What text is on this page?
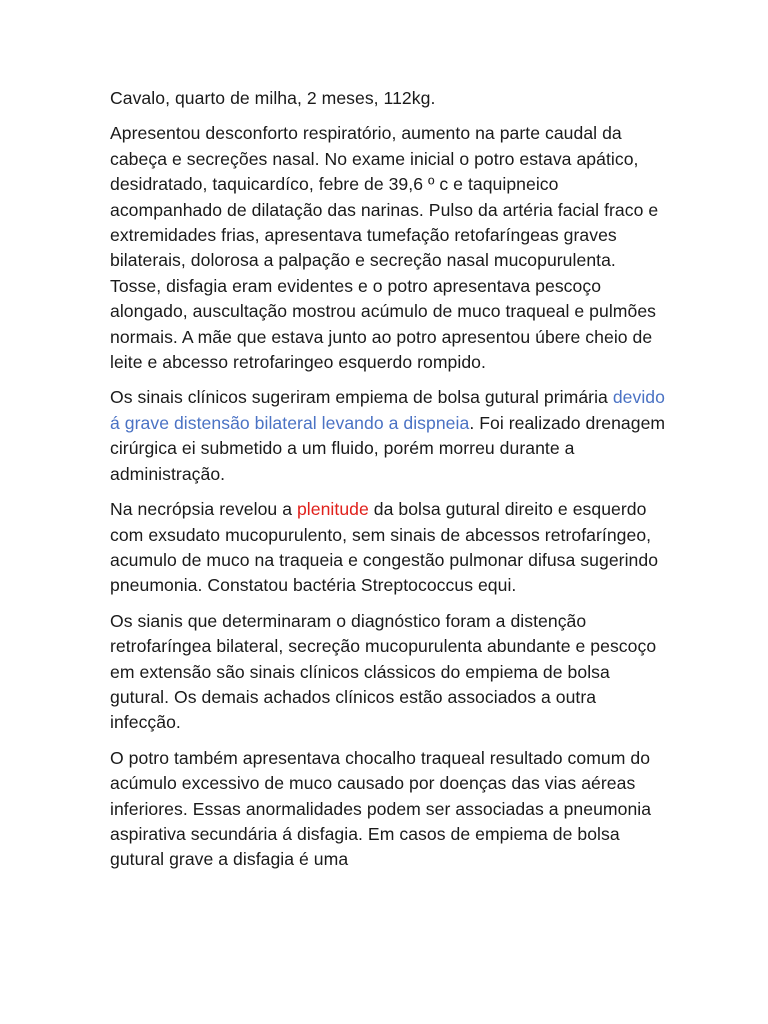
Cavalo, quarto de milha, 2 meses, 112kg.

Apresentou desconforto respiratório, aumento na parte caudal da cabeça e secreções nasal. No exame inicial o potro estava apático, desidratado, taquicardíco, febre de 39,6 º c e taquipneico acompanhado de dilatação das narinas. Pulso da artéria facial fraco e extremidades frias, apresentava tumefação retofaríngeas graves bilaterais, dolorosa a palpação e secreção nasal mucopurulenta. Tosse, disfagia eram evidentes e o potro apresentava pescoço alongado, auscultação mostrou acúmulo de muco traqueal e pulmões normais. A mãe que estava junto ao potro apresentou úbere cheio de leite e abcesso retrofaringeo esquerdo rompido.

Os sinais clínicos sugeriram empiema de bolsa gutural primária devido á grave distensão bilateral levando a dispneia. Foi realizado drenagem cirúrgica ei submetido a um fluido, porém morreu durante a administração.

Na necrópsia revelou a plenitude da bolsa gutural direito e esquerdo com exsudato mucopurulento, sem sinais de abcessos retrofaríngeo, acumulo de muco na traqueia e congestão pulmonar difusa sugerindo pneumonia. Constatou bactéria Streptococcus equi.

Os sianis que determinaram o diagnóstico foram a distenção retrofaríngea bilateral, secreção mucopurulenta abundante e pescoço em extensão são sinais clínicos clássicos do empiema de bolsa gutural. Os demais achados clínicos estão associados a outra infecção.

O potro também apresentava chocalho traqueal resultado comum do acúmulo excessivo de muco causado por doenças das vias aéreas inferiores. Essas anormalidades podem ser associadas a pneumonia aspirativa secundária á disfagia. Em casos de empiema de bolsa gutural grave a disfagia é uma
